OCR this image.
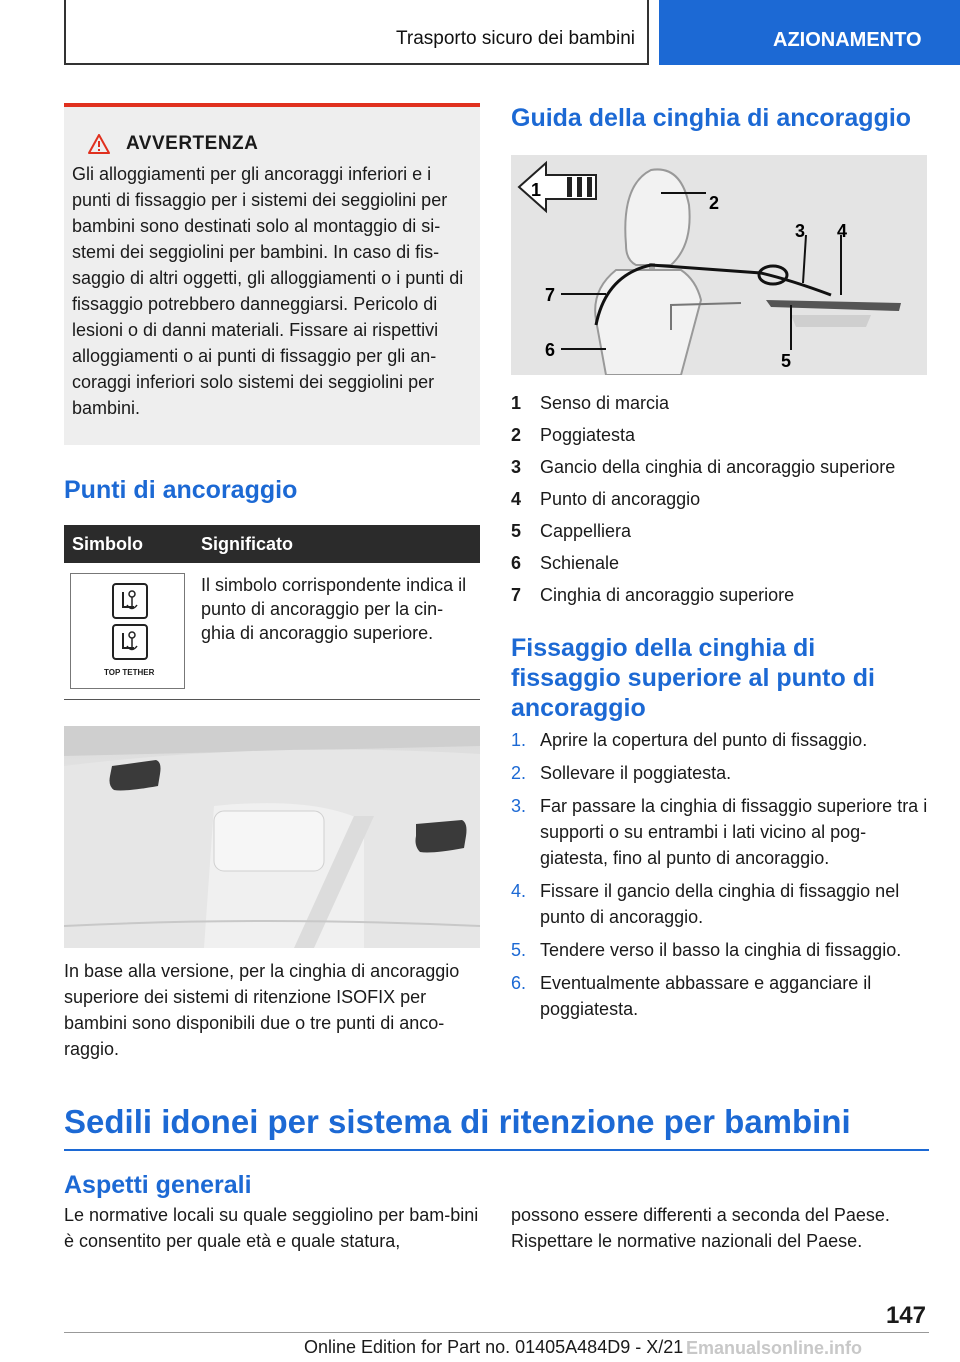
Trasporto sicuro dei bambini	AZIONAMENTO
AVVERTENZA

Gli alloggiamenti per gli ancoraggi inferiori e i punti di fissaggio per i sistemi dei seggiolini per bambini sono destinati solo al montaggio di si-stemi dei seggiolini per bambini. In caso di fis-saggio di altri oggetti, gli alloggiamenti o i punti di fissaggio potrebbero danneggiarsi. Pericolo di lesioni o di danni materiali. Fissare ai rispettivi alloggiamenti o ai punti di fissaggio per gli an-coraggi inferiori solo sistemi dei seggiolini per bambini.

Punti di ancoraggio
Simbolo	Significato

TOP TETHER	Il simbolo corrispondente indica il punto di ancoraggio per la cin-ghia di ancoraggio superiore.

In base alla versione, per la cinghia di ancoraggio superiore dei sistemi di ritenzione ISOFIX per bambini sono disponibili due o tre punti di anco-raggio.

Guida della cinghia di ancoraggio
1
2
3 4
5
6
7
1	Senso di marcia
2	Poggiatesta
3	Gancio della cinghia di ancoraggio superiore
4	Punto di ancoraggio
5	Cappelliera
6	Schienale
7	Cinghia di ancoraggio superiore
Fissaggio della cinghia di fissaggio superiore al punto di ancoraggio
1. Aprire la copertura del punto di fissaggio.
2. Sollevare il poggiatesta.
3. Far passare la cinghia di fissaggio superiore tra i supporti o su entrambi i lati vicino al pog-giatesta, fino al punto di ancoraggio.
4. Fissare il gancio della cinghia di fissaggio nel punto di ancoraggio.
5. Tendere verso il basso la cinghia di fissaggio.
6. Eventualmente abbassare e agganciare il poggiatesta.
Sedili idonei per sistema di ritenzione per bambini
Aspetti generali

Le normative locali su quale seggiolino per bam-bini è consentito per quale età e quale statura,

possono essere differenti a seconda del Paese. Rispettare le normative nazionali del Paese.

147
Online Edition for Part no. 01405A484D9 - X/21 Emanualsonline.info
